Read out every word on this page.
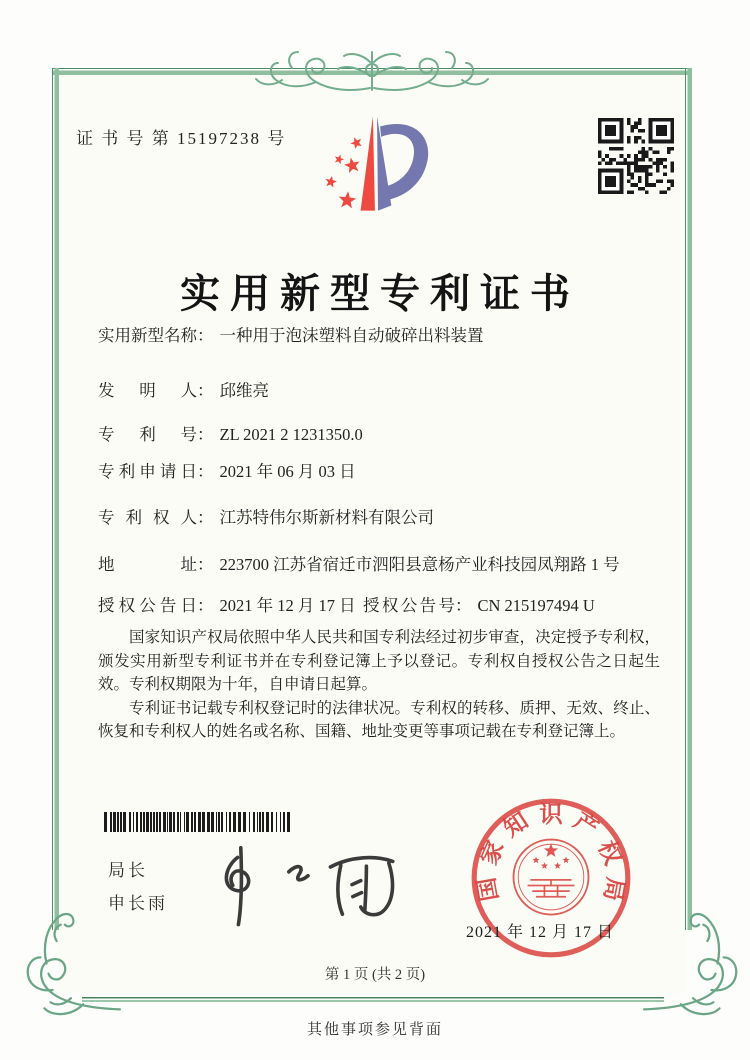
证 书 号 第 15197238 号
实用新型专利证书
实用新型名称： 一种用于泡沫塑料自动破碎出料装置
发明人： 邱维亮
专利号： ZL 2021 2 1231350.0
专利申请日： 2021 年 06 月 03 日
专利权人： 江苏特伟尔斯新材料有限公司
地址： 223700 江苏省宿迁市泗阳县意杨产业科技园凤翔路 1 号
授权公告日： 2021 年 12 月 17 日 授权公告号： CN 215197494 U

国家知识产权局依照中华人民共和国专利法经过初步审查，决定授予专利权，颁发实用新型专利证书并在专利登记簿上予以登记。专利权自授权公告之日起生效。专利权期限为十年，自申请日起算。

专利证书记载专利权登记时的法律状况。专利权的转移、质押、无效、终止、恢复和专利权人的姓名或名称、国籍、地址变更等事项记载在专利登记簿上。

局长
申长雨
国家知识产权局
2021 年 12 月 17 日
第 1 页 (共 2 页)
其他事项参见背面
